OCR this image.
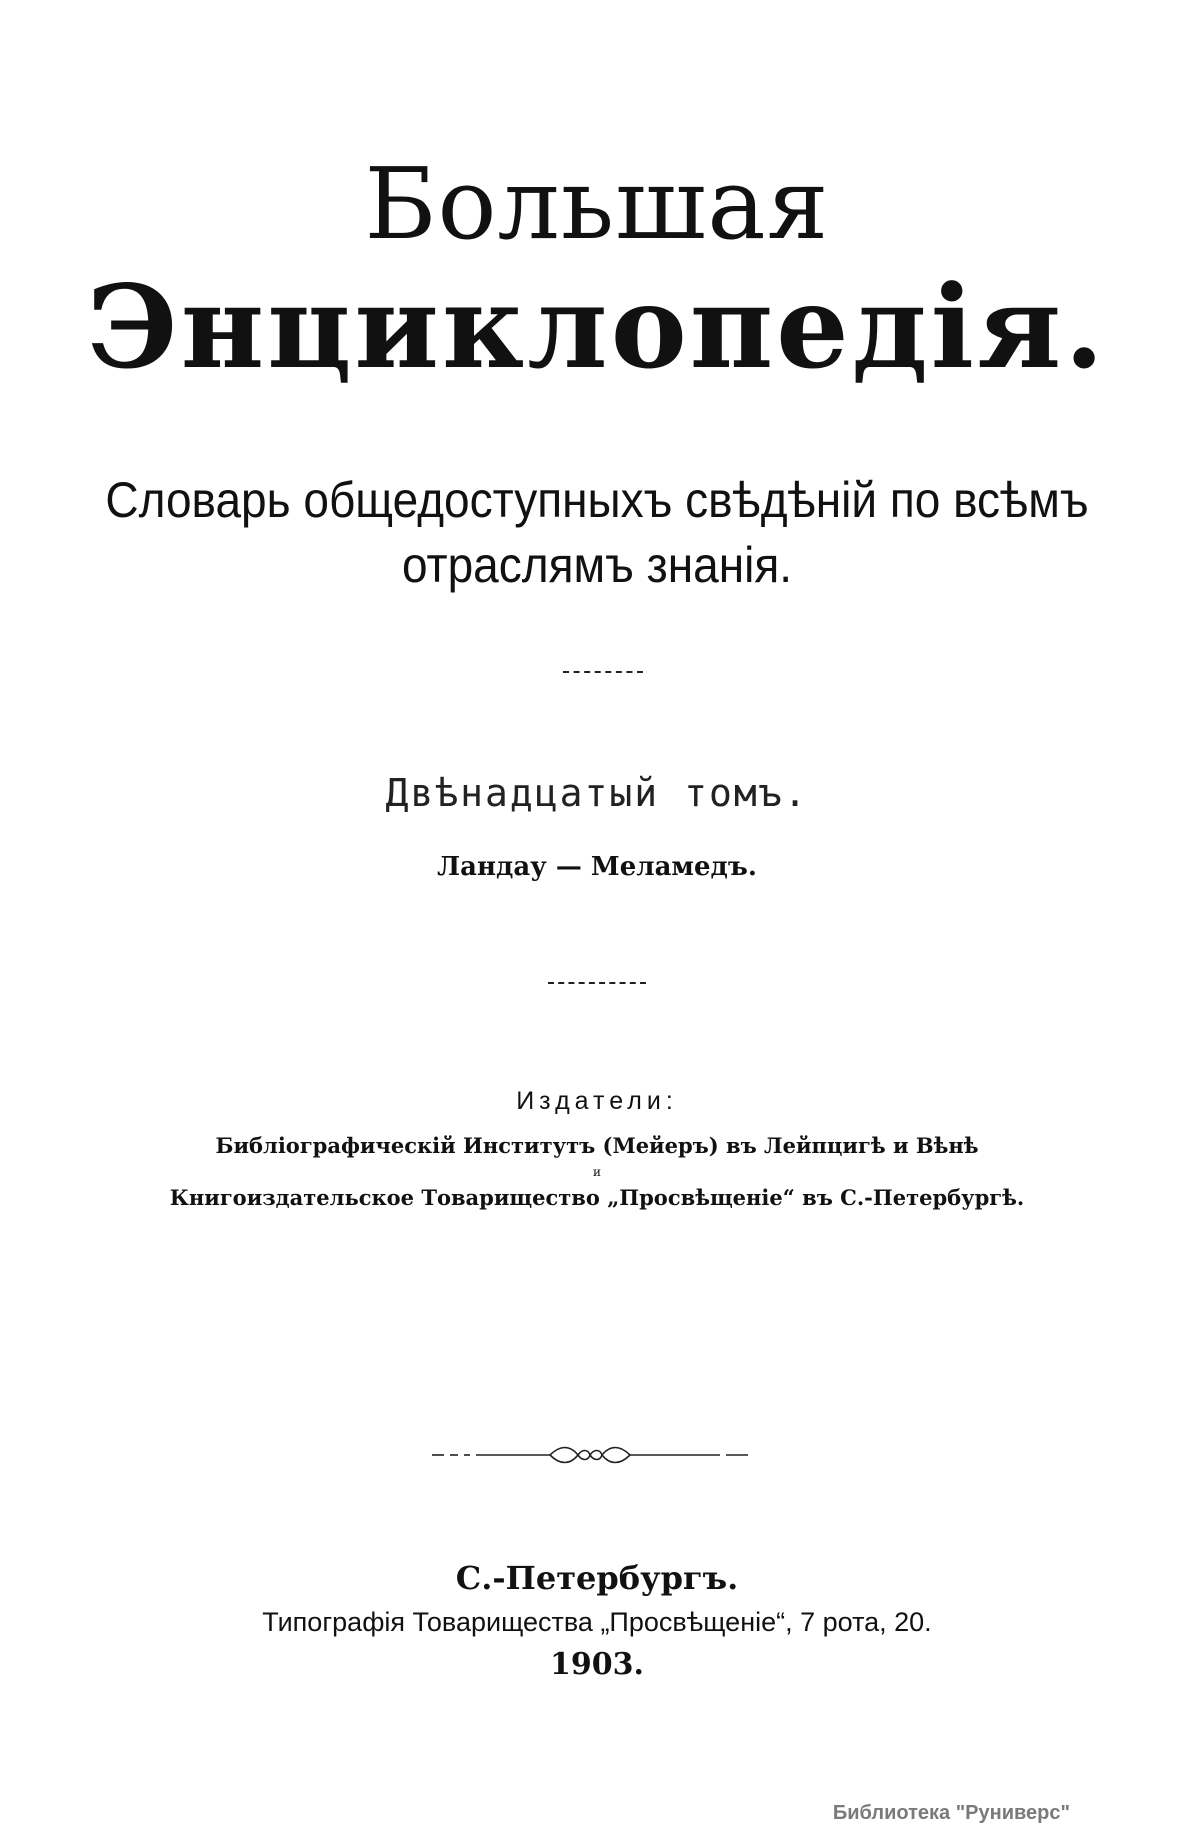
Большая
Энциклопедія.
Словарь общедоступныхъ свѣдѣній по всѣмъ
отраслямъ знанія.
Двѣнадцатый томъ.
Ландау — Меламедъ.
Издатели:
Библіографическій Институтъ (Мейеръ) въ Лейпцигѣ и Вѣнѣ
и
Книгоиздательское Товарищество „Просвѣщеніе“ въ С.-Петербургѣ.
С.-Петербургъ.
Типографія Товарищества „Просвѣщеніе“, 7 рота, 20.
1903.
Библиотека "Руниверс"
